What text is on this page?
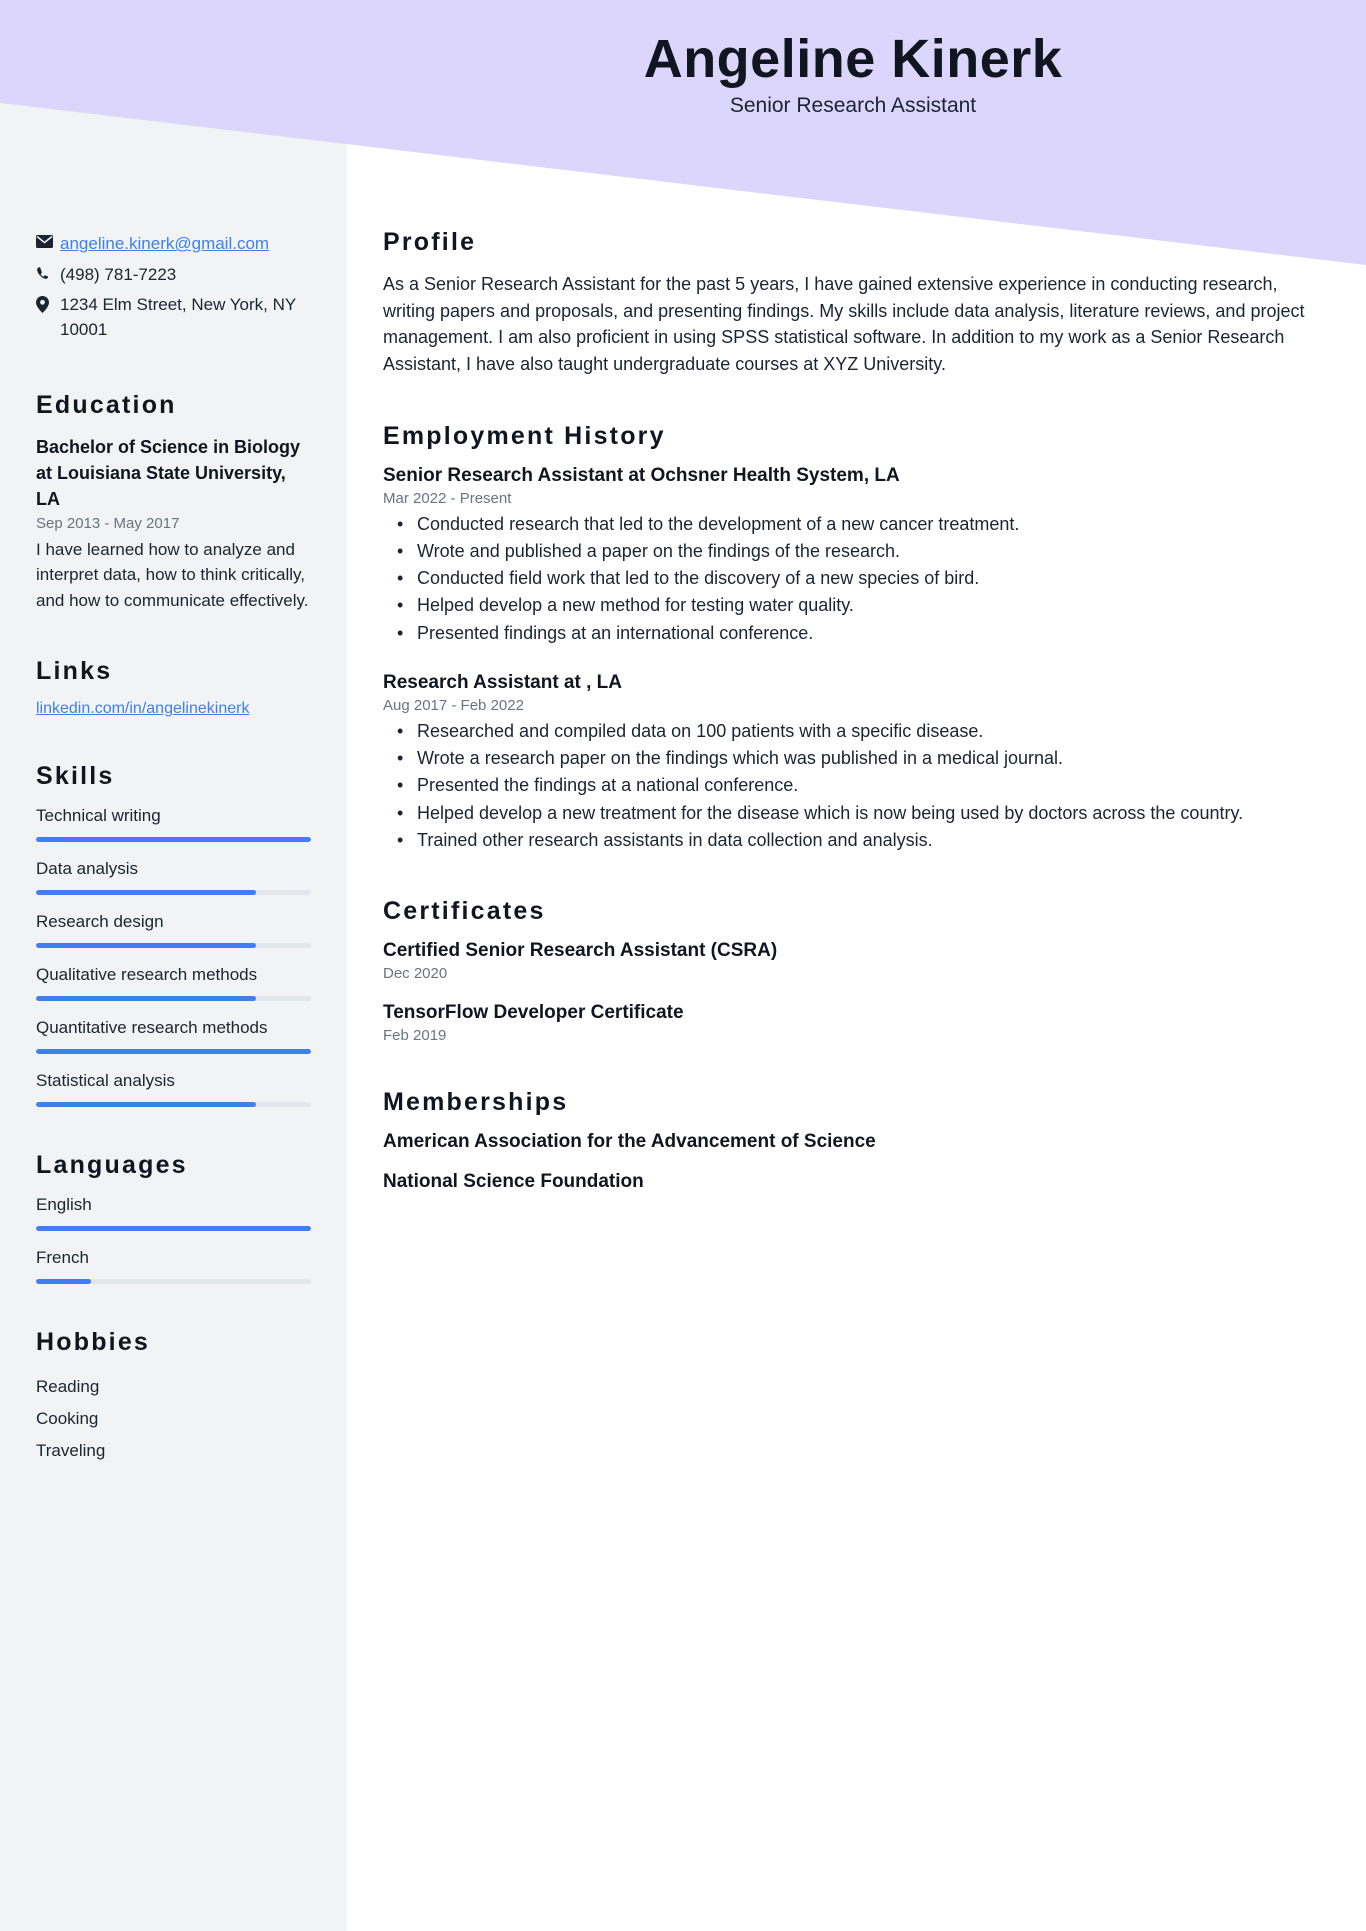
Angeline Kinerk

Senior Research Assistant

angeline.kinerk@gmail.com
(498) 781-7223
1234 Elm Street, New York, NY 10001
Education

Bachelor of Science in Biology at Louisiana State University, LA

Sep 2013 - May 2017

I have learned how to analyze and interpret data, how to think critically, and how to communicate effectively.

Links
linkedin.com/in/angelinekinerk
Skills
Technical writing
Data analysis
Research design
Qualitative research methods
Quantitative research methods
Statistical analysis
Languages
English
French
Hobbies
Reading
Cooking
Traveling
Profile

As a Senior Research Assistant for the past 5 years, I have gained extensive experience in conducting research, writing papers and proposals, and presenting findings. My skills include data analysis, literature reviews, and project management. I am also proficient in using SPSS statistical software. In addition to my work as a Senior Research Assistant, I have also taught undergraduate courses at XYZ University.

Employment History

Senior Research Assistant at Ochsner Health System, LA

Mar 2022 - Present

• Conducted research that led to the development of a new cancer treatment.
• Wrote and published a paper on the findings of the research.
• Conducted field work that led to the discovery of a new species of bird.
• Helped develop a new method for testing water quality.
• Presented findings at an international conference.

Research Assistant at , LA

Aug 2017 - Feb 2022

• Researched and compiled data on 100 patients with a specific disease.
• Wrote a research paper on the findings which was published in a medical journal.
• Presented the findings at a national conference.
• Helped develop a new treatment for the disease which is now being used by doctors across the country.
• Trained other research assistants in data collection and analysis.
Certificates

Certified Senior Research Assistant (CSRA)

Dec 2020

TensorFlow Developer Certificate

Feb 2019

Memberships

American Association for the Advancement of Science

National Science Foundation
